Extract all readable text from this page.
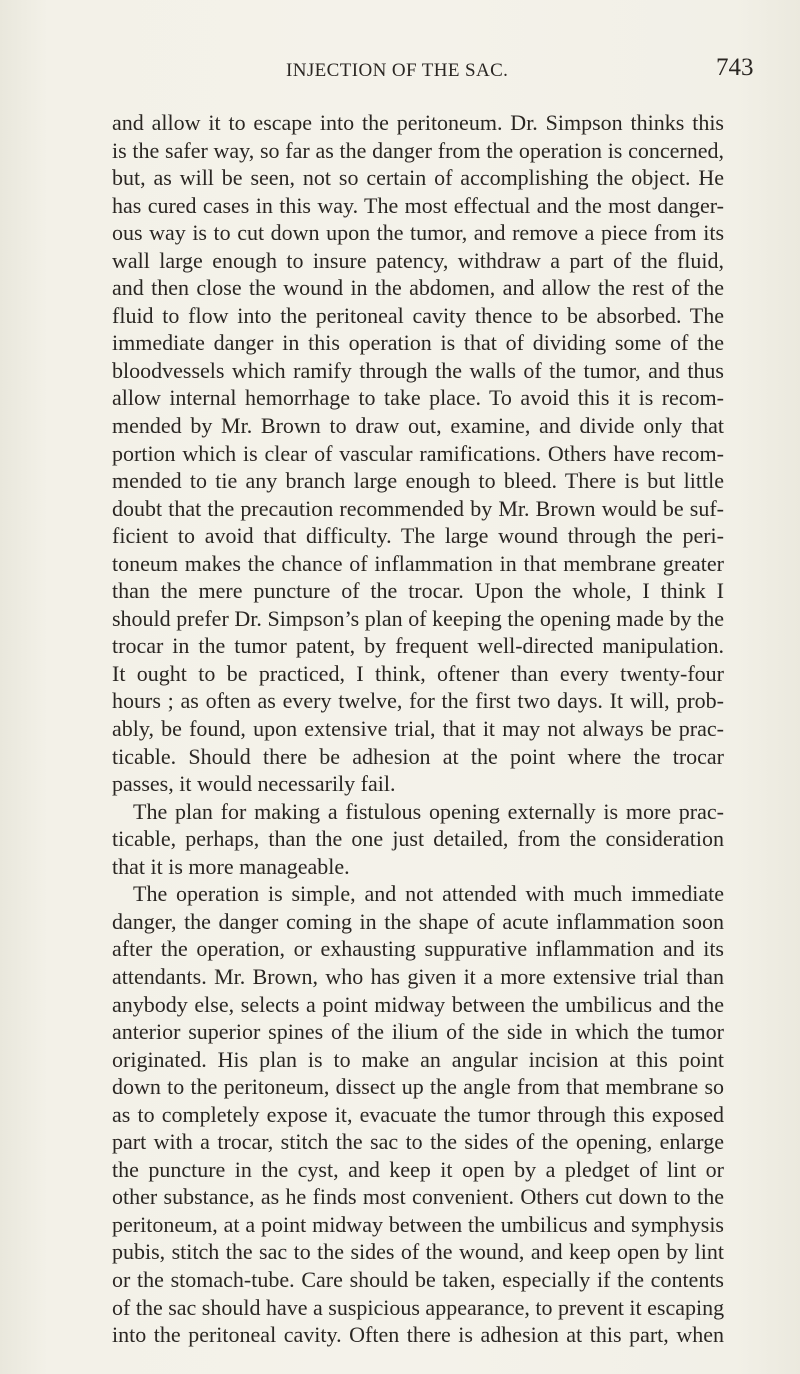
INJECTION OF THE SAC.	743
and allow it to escape into the peritoneum. Dr. Simpson thinks this
is the safer way, so far as the danger from the operation is concerned,
but, as will be seen, not so certain of accomplishing the object. He
has cured cases in this way. The most effectual and the most danger-
ous way is to cut down upon the tumor, and remove a piece from its
wall large enough to insure patency, withdraw a part of the fluid,
and then close the wound in the abdomen, and allow the rest of the
fluid to flow into the peritoneal cavity thence to be absorbed. The
immediate danger in this operation is that of dividing some of the
bloodvessels which ramify through the walls of the tumor, and thus
allow internal hemorrhage to take place. To avoid this it is recom-
mended by Mr. Brown to draw out, examine, and divide only that
portion which is clear of vascular ramifications. Others have recom-
mended to tie any branch large enough to bleed. There is but little
doubt that the precaution recommended by Mr. Brown would be suf-
ficient to avoid that difficulty. The large wound through the peri-
toneum makes the chance of inflammation in that membrane greater
than the mere puncture of the trocar. Upon the whole, I think I
should prefer Dr. Simpson’s plan of keeping the opening made by the
trocar in the tumor patent, by frequent well-directed manipulation.
It ought to be practiced, I think, oftener than every twenty-four
hours ; as often as every twelve, for the first two days. It will, prob-
ably, be found, upon extensive trial, that it may not always be prac-
ticable. Should there be adhesion at the point where the trocar
passes, it would necessarily fail.
The plan for making a fistulous opening externally is more prac-
ticable, perhaps, than the one just detailed, from the consideration
that it is more manageable.
The operation is simple, and not attended with much immediate
danger, the danger coming in the shape of acute inflammation soon
after the operation, or exhausting suppurative inflammation and its
attendants. Mr. Brown, who has given it a more extensive trial than
anybody else, selects a point midway between the umbilicus and the
anterior superior spines of the ilium of the side in which the tumor
originated. His plan is to make an angular incision at this point
down to the peritoneum, dissect up the angle from that membrane so
as to completely expose it, evacuate the tumor through this exposed
part with a trocar, stitch the sac to the sides of the opening, enlarge
the puncture in the cyst, and keep it open by a pledget of lint or
other substance, as he finds most convenient. Others cut down to the
peritoneum, at a point midway between the umbilicus and symphysis
pubis, stitch the sac to the sides of the wound, and keep open by lint
or the stomach-tube. Care should be taken, especially if the contents
of the sac should have a suspicious appearance, to prevent it escaping
into the peritoneal cavity. Often there is adhesion at this part, when
